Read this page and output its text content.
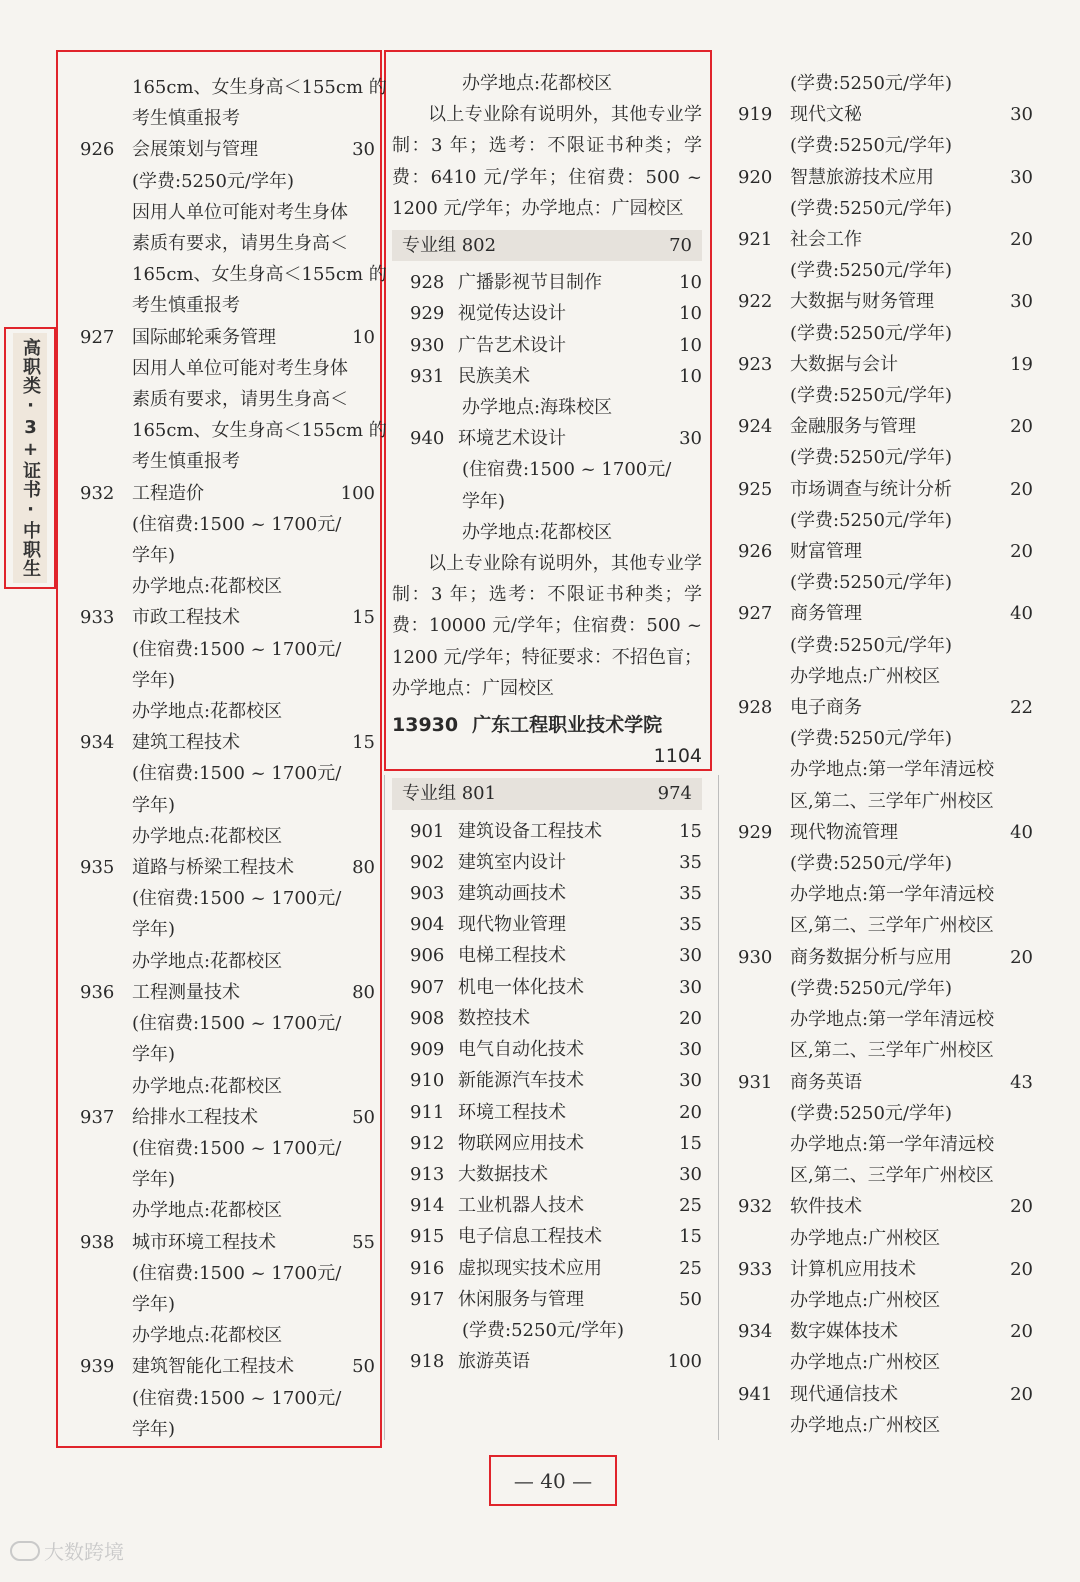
高职类·3+证书·中职生
165cm、女生身高＜155cm 的
考生慎重报考
926 会展策划与管理	30
(学费:5250元/学年)
因用人单位可能对考生身体
素质有要求，请男生身高＜
165cm、女生身高＜155cm 的
考生慎重报考
927 国际邮轮乘务管理	10
因用人单位可能对考生身体
素质有要求，请男生身高＜
165cm、女生身高＜155cm 的
考生慎重报考
932 工程造价	100
(住宿费:1500 ~ 1700元/
学年)
办学地点:花都校区
933 市政工程技术	15
(住宿费:1500 ~ 1700元/
学年)
办学地点:花都校区
934 建筑工程技术	15
(住宿费:1500 ~ 1700元/
学年)
办学地点:花都校区
935 道路与桥梁工程技术	80
(住宿费:1500 ~ 1700元/
学年)
办学地点:花都校区
936 工程测量技术	80
(住宿费:1500 ~ 1700元/
学年)
办学地点:花都校区
937 给排水工程技术	50
(住宿费:1500 ~ 1700元/
学年)
办学地点:花都校区
938 城市环境工程技术	55
(住宿费:1500 ~ 1700元/
学年)
办学地点:花都校区
939 建筑智能化工程技术	50
(住宿费:1500 ~ 1700元/
学年)
办学地点:花都校区
以上专业除有说明外，其他专业学制：3 年；选考：不限证书种类；学费：6410 元/学年；住宿费：500 ~ 1200 元/学年；办学地点：广园校区
专业组 802	70
928 广播影视节目制作	10
929 视觉传达设计	10
930 广告艺术设计	10
931 民族美术	10
办学地点:海珠校区
940 环境艺术设计	30
(住宿费:1500 ~ 1700元/
学年)
办学地点:花都校区
以上专业除有说明外，其他专业学制：3 年；选考：不限证书种类；学费：10000 元/学年；住宿费：500 ~ 1200 元/学年；特征要求：不招色盲；办学地点：广园校区
13930 广东工程职业技术学院
1104
专业组 801	974
901 建筑设备工程技术	15
902 建筑室内设计	35
903 建筑动画技术	35
904 现代物业管理	35
906 电梯工程技术	30
907 机电一体化技术	30
908 数控技术	20
909 电气自动化技术	30
910 新能源汽车技术	30
911 环境工程技术	20
912 物联网应用技术	15
913 大数据技术	30
914 工业机器人技术	25
915 电子信息工程技术	15
916 虚拟现实技术应用	25
917 休闲服务与管理	50
(学费:5250元/学年)
918 旅游英语	100
(学费:5250元/学年)
919 现代文秘	30
(学费:5250元/学年)
920 智慧旅游技术应用	30
(学费:5250元/学年)
921 社会工作	20
(学费:5250元/学年)
922 大数据与财务管理	30
(学费:5250元/学年)
923 大数据与会计	19
(学费:5250元/学年)
924 金融服务与管理	20
(学费:5250元/学年)
925 市场调查与统计分析	20
(学费:5250元/学年)
926 财富管理	20
(学费:5250元/学年)
927 商务管理	40
(学费:5250元/学年)
办学地点:广州校区
928 电子商务	22
(学费:5250元/学年)
办学地点:第一学年清远校
区,第二、三学年广州校区
929 现代物流管理	40
(学费:5250元/学年)
办学地点:第一学年清远校
区,第二、三学年广州校区
930 商务数据分析与应用	20
(学费:5250元/学年)
办学地点:第一学年清远校
区,第二、三学年广州校区
931 商务英语	43
(学费:5250元/学年)
办学地点:第一学年清远校
区,第二、三学年广州校区
932 软件技术	20
办学地点:广州校区
933 计算机应用技术	20
办学地点:广州校区
934 数字媒体技术	20
办学地点:广州校区
941 现代通信技术	20
办学地点:广州校区
— 40 —
大数跨境
